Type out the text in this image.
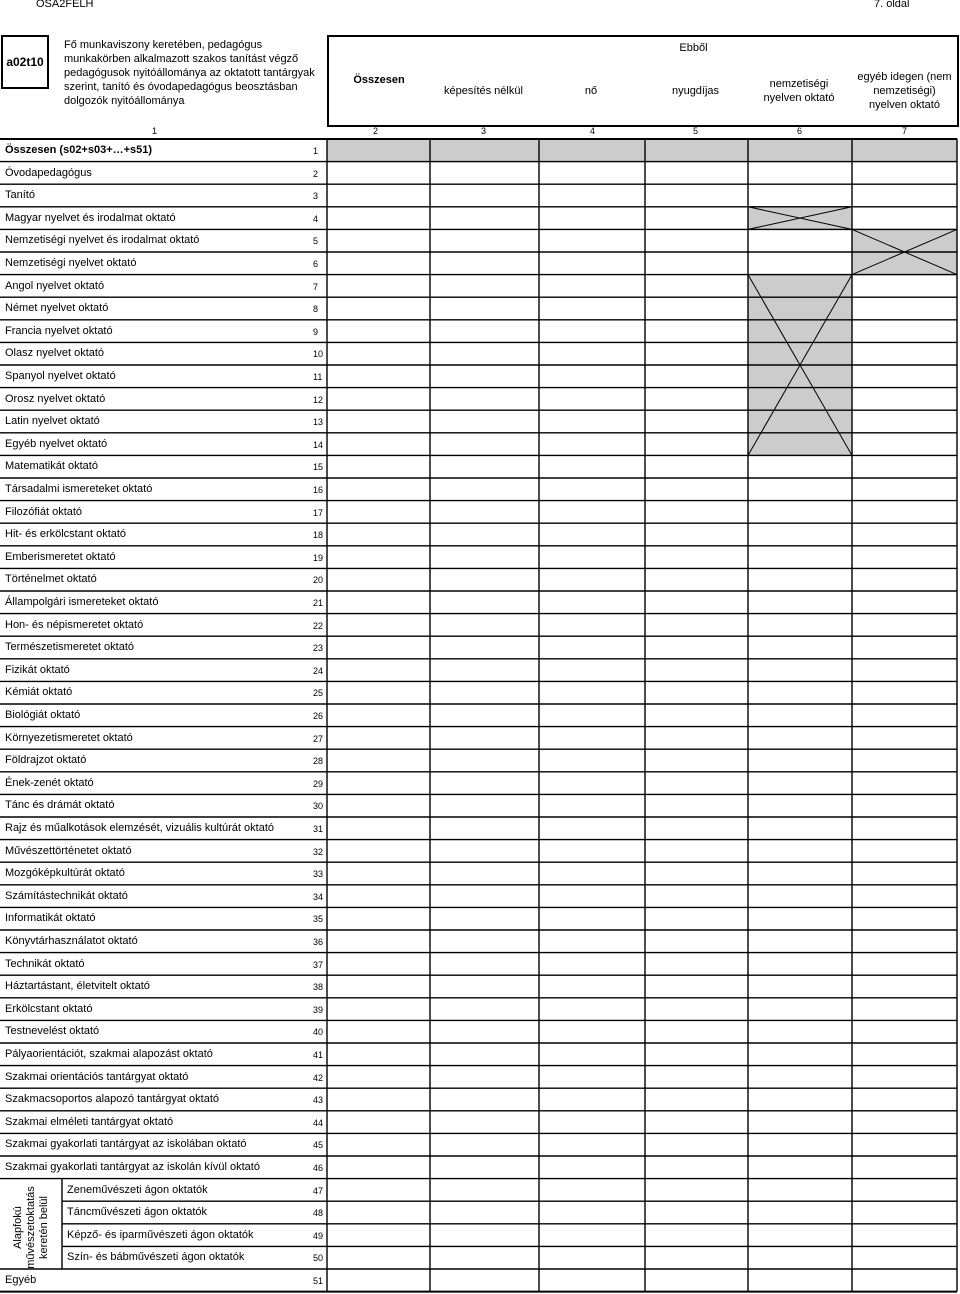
OSA2FELH	7. oldal
a02t10
Fő munkaviszony keretében, pedagógus munkakörben alkalmazott szakos tanítást végző pedagógusok nyitóállománya az oktatott tantárgyak szerint, tanító és óvodapedagógus beosztásban dolgozók nyitóállománya
Összesen
Ebből
képesítés nélkül	nő	nyugdíjas
nemzetiségi nyelven oktató
egyéb idegen (nem nemzetiségi) nyelven oktató
1	2	3	4	5	6	7
Összesen (s02+s03+…+s51)	1
Óvodapedagógus	2
Tanító	3
Magyar nyelvet és irodalmat oktató	4
Nemzetiségi nyelvet és irodalmat oktató	5
Nemzetiségi nyelvet oktató	6
Angol nyelvet oktató	7
Német nyelvet oktató	8
Francia nyelvet oktató	9
Olasz nyelvet oktató	10
Spanyol nyelvet oktató	11
Orosz nyelvet oktató	12
Latin nyelvet oktató	13
Egyéb nyelvet oktató	14
Matematikát oktató	15
Társadalmi ismereteket oktató	16
Filozófiát oktató	17
Hit- és erkölcstant oktató	18
Emberismeretet oktató	19
Történelmet oktató	20
Állampolgári ismereteket oktató	21
Hon- és népismeretet oktató	22
Természetismeretet oktató	23
Fizikát oktató	24
Kémiát oktató	25
Biológiát oktató	26
Környezetismeretet oktató	27
Földrajzot oktató	28
Ének-zenét oktató	29
Tánc és drámát oktató	30
Rajz és műalkotások elemzését, vizuális kultúrát oktató	31
Művészettörténetet oktató	32
Mozgóképkultúrát oktató	33
Számítástechnikát oktató	34
Informatikát oktató	35
Könyvtárhasználatot oktató	36
Technikát oktató	37
Háztartástant, életvitelt oktató	38
Erkölcstant oktató	39
Testnevelést oktató	40
Pályaorientációt, szakmai alapozást oktató	41
Szakmai orientációs tantárgyat oktató	42
Szakmacsoportos alapozó tantárgyat oktató	43
Szakmai elméleti tantárgyat oktató	44
Szakmai gyakorlati tantárgyat az iskolában oktató	45
Szakmai gyakorlati tantárgyat az iskolán kívül oktató	46
Zeneművészeti ágon oktatók	47
Táncművészeti ágon oktatók	48
Képző- és iparművészeti ágon oktatók	49
Szín- és bábművészeti ágon oktatók	50
Egyéb	51
Alapfokú művészetoktatás keretén belül
